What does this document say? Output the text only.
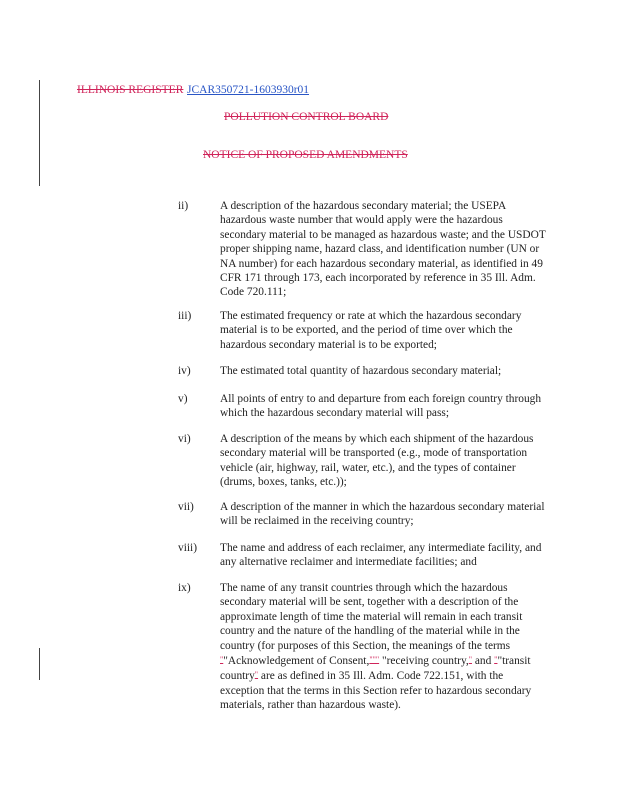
ILLINOIS REGISTER JCAR350721-1603930r01
POLLUTION CONTROL BOARD
NOTICE OF PROPOSED AMENDMENTS
ii)	A description of the hazardous secondary material; the USEPA hazardous waste number that would apply were the hazardous secondary material to be managed as hazardous waste; and the USDOT proper shipping name, hazard class, and identification number (UN or NA number) for each hazardous secondary material, as identified in 49 CFR 171 through 173, each incorporated by reference in 35 Ill. Adm. Code 720.111;
iii)	The estimated frequency or rate at which the hazardous secondary material is to be exported, and the period of time over which the hazardous secondary material is to be exported;
iv)	The estimated total quantity of hazardous secondary material;
v)	All points of entry to and departure from each foreign country through which the hazardous secondary material will pass;
vi)	A description of the means by which each shipment of the hazardous secondary material will be transported (e.g., mode of transportation vehicle (air, highway, rail, water, etc.), and the types of container (drums, boxes, tanks, etc.));
vii)	A description of the manner in which the hazardous secondary material will be reclaimed in the receiving country;
viii)	The name and address of each reclaimer, any intermediate facility, and any alternative reclaimer and intermediate facilities; and
ix)	The name of any transit countries through which the hazardous secondary material will be sent, together with a description of the approximate length of time the material will remain in each transit country and the nature of the handling of the material while in the country (for purposes of this Section, the meanings of the terms ""Acknowledgement of Consent,""" "receiving country," and ""transit country" are as defined in 35 Ill. Adm. Code 722.151, with the exception that the terms in this Section refer to hazardous secondary materials, rather than hazardous waste).
